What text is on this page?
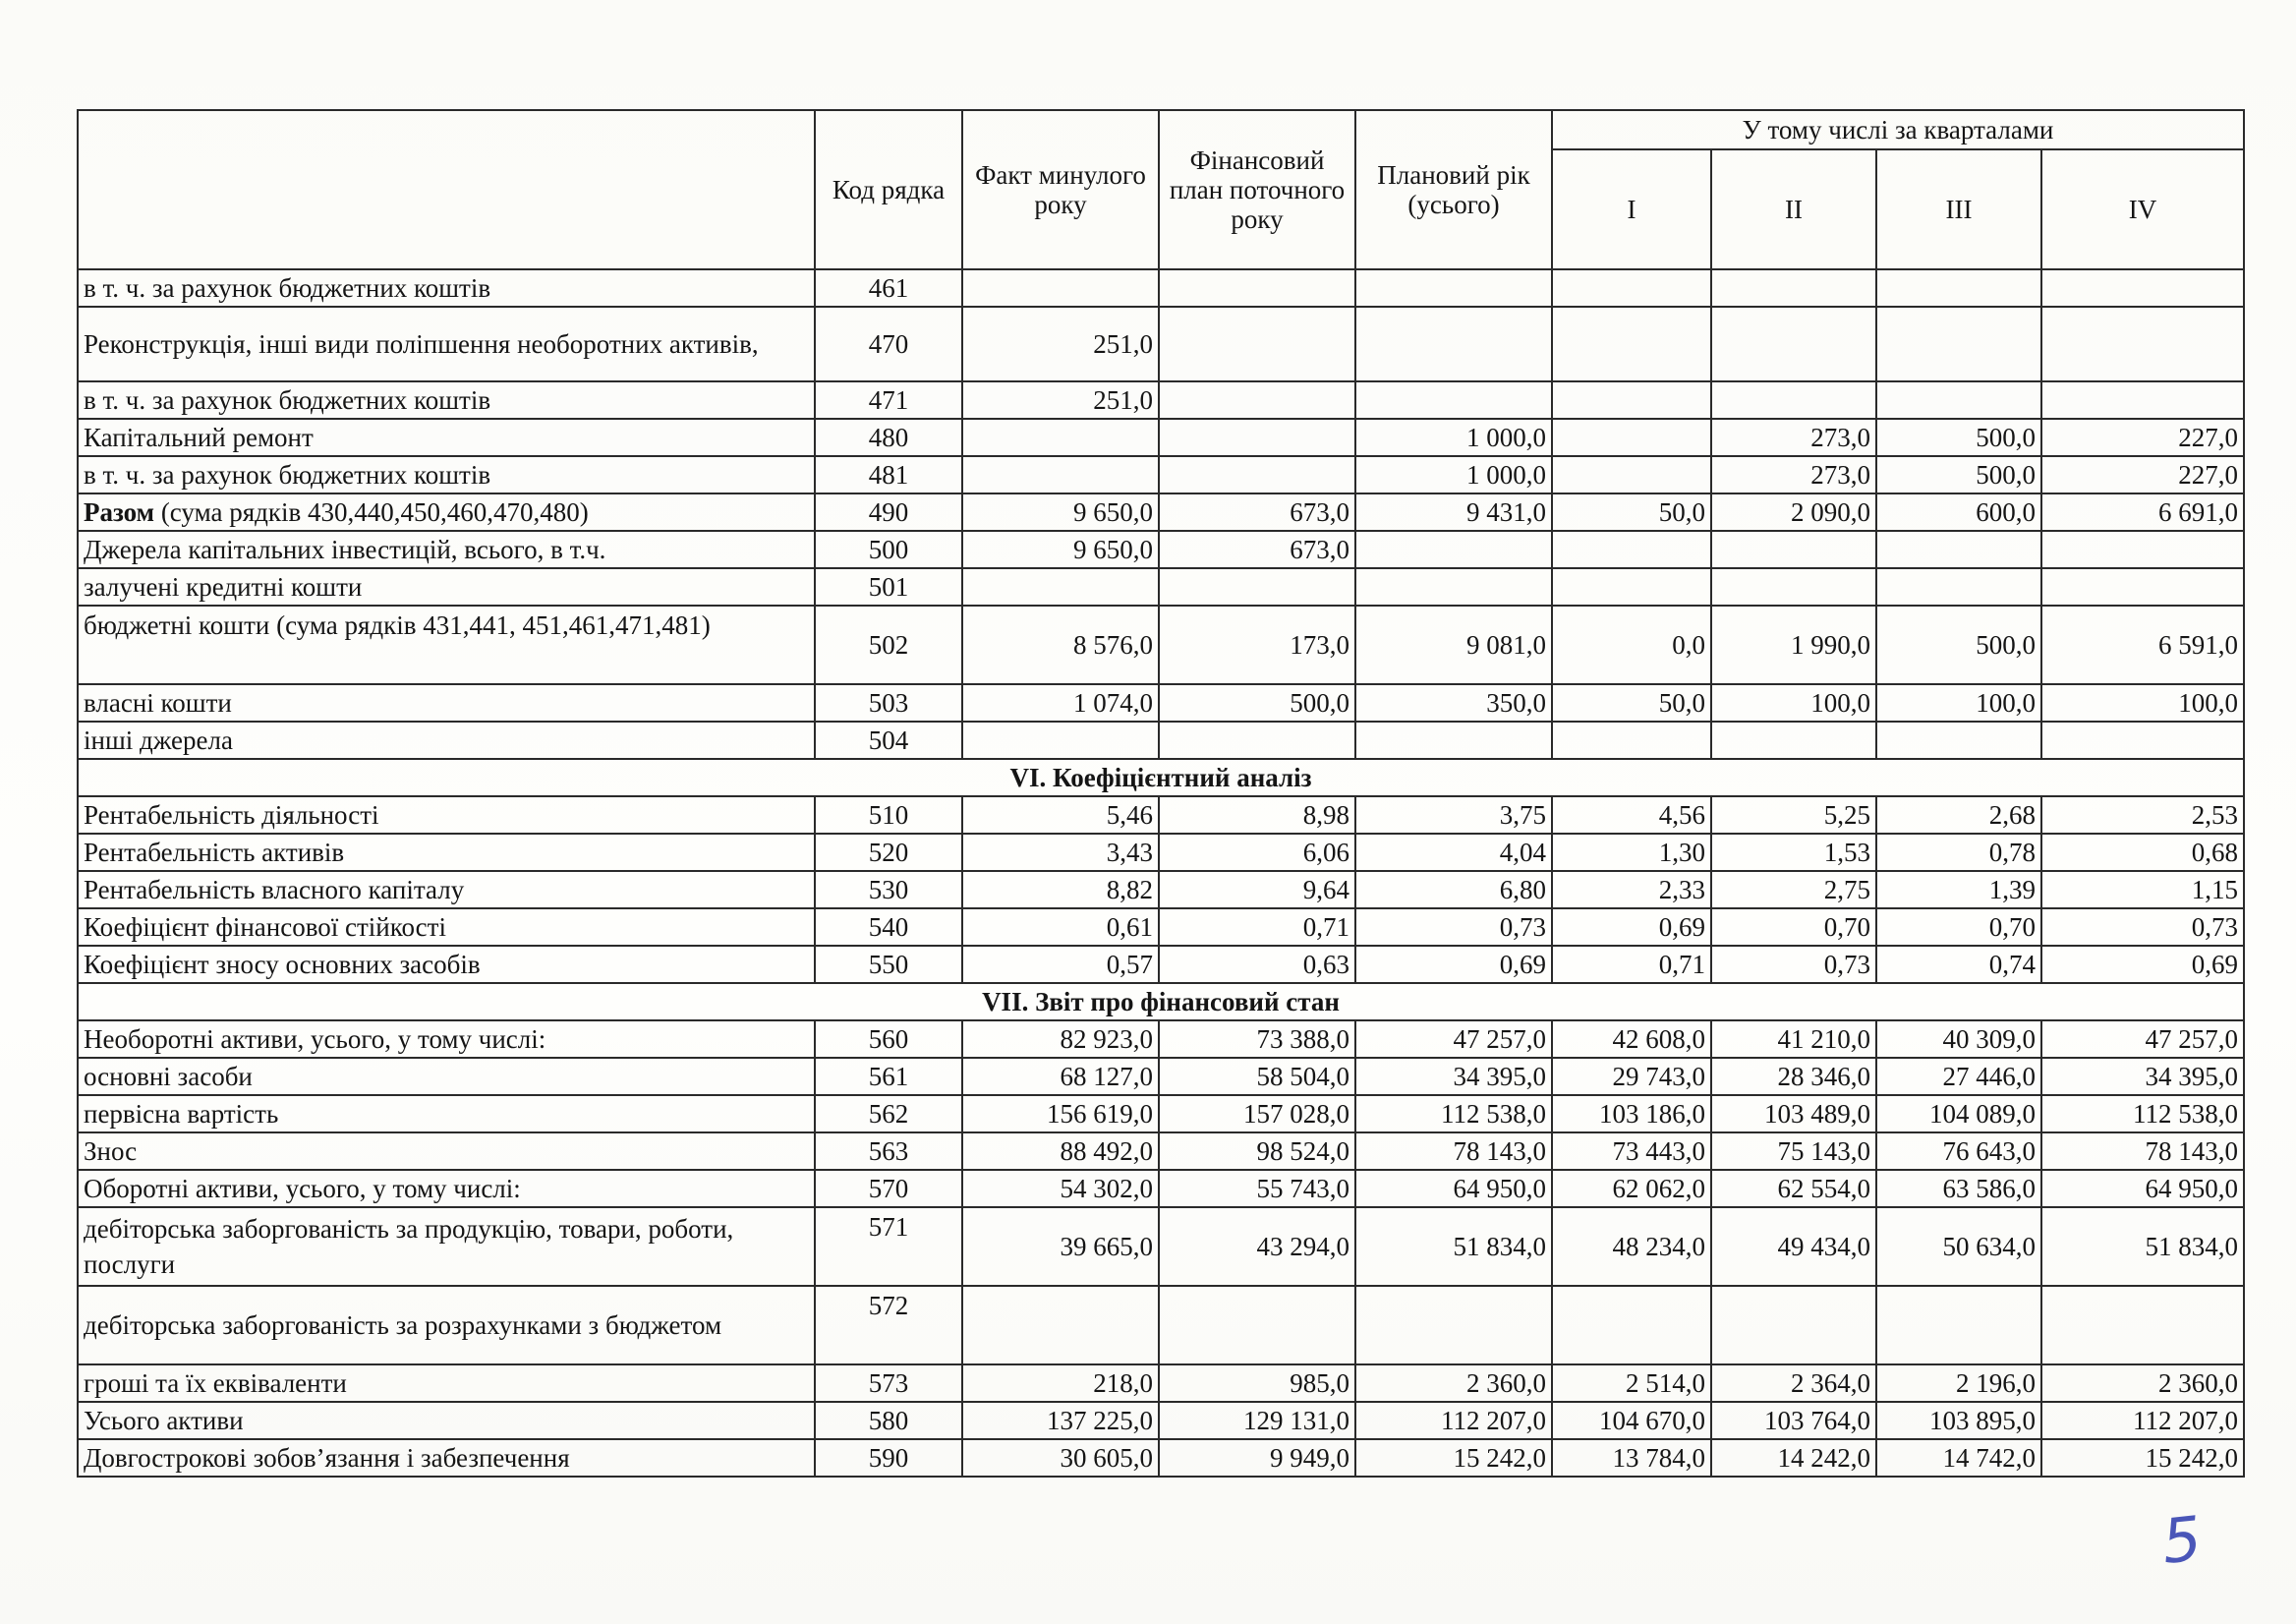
	Код рядка	Факт минулого року	Фінансовий план поточного року	Плановий рік (усього)	У тому числі за кварталами			
					I	II	III	IV
в т. ч. за рахунок бюджетних коштів	461							
Реконструкція, інші види поліпшення необоротних активів,	470	251,0						
в т. ч. за рахунок бюджетних коштів	471	251,0						
Капітальний ремонт	480			1 000,0		273,0	500,0	227,0
в т. ч. за рахунок бюджетних коштів	481			1 000,0		273,0	500,0	227,0
Разом (сума рядків 430,440,450,460,470,480)	490	9 650,0	673,0	9 431,0	50,0	2 090,0	600,0	6 691,0
Джерела капітальних інвестицій, всього, в т.ч.	500	9 650,0	673,0					
залучені кредитні кошти	501							
бюджетні кошти (сума рядків 431,441, 451,461,471,481)	502	8 576,0	173,0	9 081,0	0,0	1 990,0	500,0	6 591,0
власні кошти	503	1 074,0	500,0	350,0	50,0	100,0	100,0	100,0
інші джерела	504							
VI. Коефіцієнтний аналіз								
Рентабельність діяльності	510	5,46	8,98	3,75	4,56	5,25	2,68	2,53
Рентабельність активів	520	3,43	6,06	4,04	1,30	1,53	0,78	0,68
Рентабельність власного капіталу	530	8,82	9,64	6,80	2,33	2,75	1,39	1,15
Коефіцієнт фінансової стійкості	540	0,61	0,71	0,73	0,69	0,70	0,70	0,73
Коефіцієнт зносу основних засобів	550	0,57	0,63	0,69	0,71	0,73	0,74	0,69
VII. Звіт про фінансовий стан								
Необоротні активи, усього, у тому числі:	560	82 923,0	73 388,0	47 257,0	42 608,0	41 210,0	40 309,0	47 257,0
основні засоби	561	68 127,0	58 504,0	34 395,0	29 743,0	28 346,0	27 446,0	34 395,0
первісна вартість	562	156 619,0	157 028,0	112 538,0	103 186,0	103 489,0	104 089,0	112 538,0
Знос	563	88 492,0	98 524,0	78 143,0	73 443,0	75 143,0	76 643,0	78 143,0
Оборотні активи, усього, у тому числі:	570	54 302,0	55 743,0	64 950,0	62 062,0	62 554,0	63 586,0	64 950,0
дебіторська заборгованість за продукцію, товари, роботи, послуги	571	39 665,0	43 294,0	51 834,0	48 234,0	49 434,0	50 634,0	51 834,0
дебіторська заборгованість за розрахунками з бюджетом	572							
гроші та їх еквіваленти	573	218,0	985,0	2 360,0	2 514,0	2 364,0	2 196,0	2 360,0
Усього активи	580	137 225,0	129 131,0	112 207,0	104 670,0	103 764,0	103 895,0	112 207,0
Довгострокові зобов’язання і забезпечення	590	30 605,0	9 949,0	15 242,0	13 784,0	14 242,0	14 742,0	15 242,0
5
